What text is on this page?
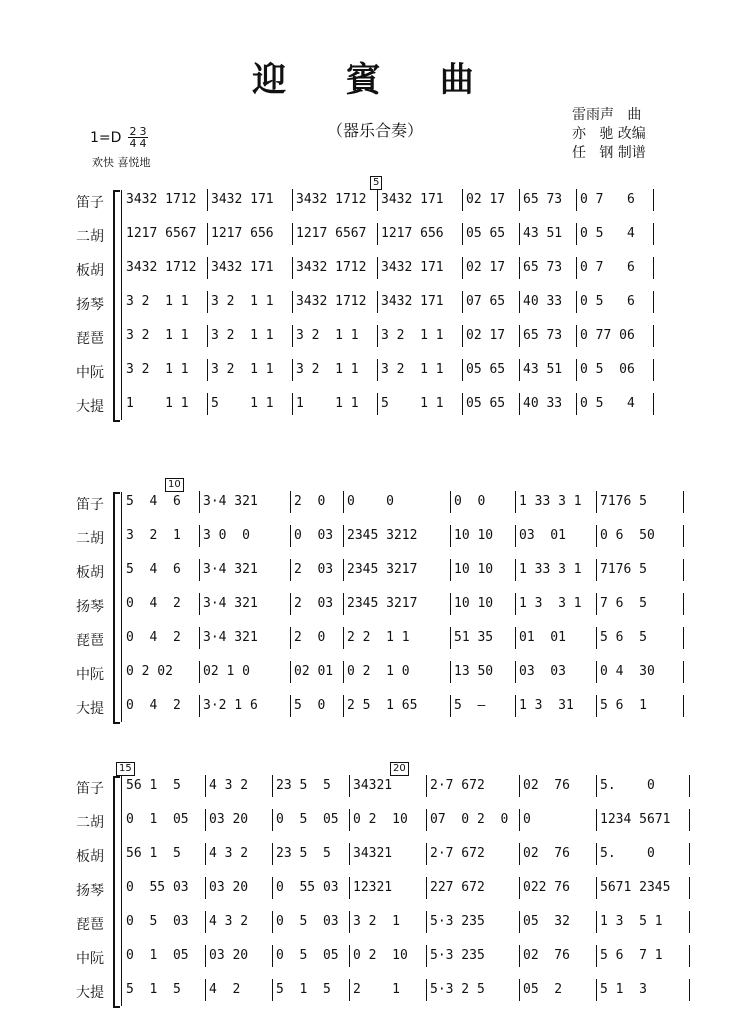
迎 賓 曲
（器乐合奏）
雷雨声   曲
亦   驰 改编
任   钢 制谱
1=D 2 3
4 4
欢快 喜悦地
笛子	3432 1712	3432 171	3432 1712	3432 171	02 17	65 73	0 7   6
二胡	1217 6567	1217 656	1217 6567	1217 656	05 65	43 51	0 5   4
板胡	3432 1712	3432 171	3432 1712	3432 171	02 17	65 73	0 7   6
扬琴	3 2  1 1	3 2  1 1	3432 1712	3432 171	07 65	40 33	0 5   6
琵琶	3 2  1 1	3 2  1 1	3 2  1 1	3 2  1 1	02 17	65 73	0 77 06
中阮	3 2  1 1	3 2  1 1	3 2  1 1	3 2  1 1	05 65	43 51	0 5  06
大提	1    1 1	5    1 1	1    1 1	5    1 1	05 65	40 33	0 5   4
5
笛子	5  4  6	3·4 321	2  0	0    0	0  0	1 33 3 1	7176 5
二胡	3  2  1	3 0  0	0  03	2345 3212	10 10	03  01	0 6  50
板胡	5  4  6	3·4 321	2  03	2345 3217	10 10	1 33 3 1	7176 5
扬琴	0  4  2	3·4 321	2  03	2345 3217	10 10	1 3  3 1	7 6  5
琵琶	0  4  2	3·4 321	2  0	2 2  1 1	51 35	01  01	5 6  5
中阮	0 2 02	02 1 0	02 01	0 2  1 0	13 50	03  03	0 4  30
大提	0  4  2	3·2 1 6	5  0	2 5  1 65	5  –	1 3  31	5 6  1
10
笛子	56 1  5	4 3 2	23 5  5	34321	2·7 672	02  76	5.    0
二胡	0  1  05	03 20	0  5  05	0 2  10	07  0 2  0	0	1234 5671
板胡	56 1  5	4 3 2	23 5  5	34321	2·7 672	02  76	5.    0
扬琴	0  55 03	03 20	0  55 03	12321	227 672	022 76	5671 2345
琵琶	0  5  03	4 3 2	0  5  03	3 2  1	5·3 235	05  32	1 3  5 1
中阮	0  1  05	03 20	0  5  05	0 2  10	5·3 235	02  76	5 6  7 1
大提	5  1  5	4  2	5  1  5	2    1	5·3 2 5	05  2	5 1  3
15	20
